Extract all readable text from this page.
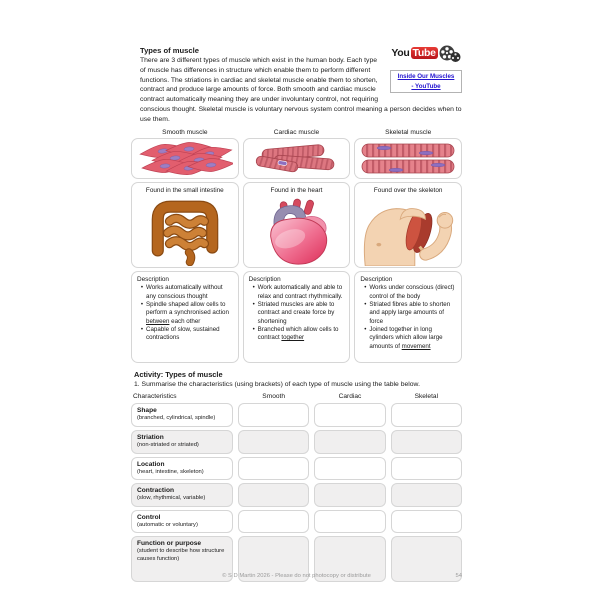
You Tube
Inside Our Muscles
- YouTube
Types of muscle

There are 3 different types of muscle which exist in the human body. Each type of muscle has differences in structure which enable them to perform different functions. The striations in cardiac and skeletal muscle enable them to shorten, contract and produce large amounts of force. Both smooth and cardiac muscle contract automatically meaning they are under involuntary control, not requiring conscious thought. Skeletal muscle is voluntary nervous system control meaning a person decides when to use them.

Smooth muscle	Cardiac muscle	Skeletal muscle
Found in the small intestine	Found in the heart	Found over the skeleton
Description
• Works automatically without any conscious thought
• Spindle shaped allow cells to perform a synchronised action between each other
• Capable of slow, sustained contractions
Description
• Work automatically and able to relax and contract rhythmically.
• Striated muscles are able to contract and create force by shortening
• Branched which allow cells to contract together
Description
• Works under conscious (direct) control of the body
• Striated fibres able to shorten and apply large amounts of force
• Joined together in long cylinders which allow large amounts of movement
Activity: Types of muscle

1. Summarise the characteristics (using brackets) of each type of muscle using the table below.

Characteristics	Smooth	Cardiac	Skeletal
Shape
(branched, cylindrical, spindle)
Striation
(non-striated or striated)
Location
(heart, intestine, skeleton)
Contraction
(slow, rhythmical, variable)
Control
(automatic or voluntary)
Function or purpose
(student to describe how structure causes function)
© S D Martin 2026 - Please do not photocopy or distribute	54
